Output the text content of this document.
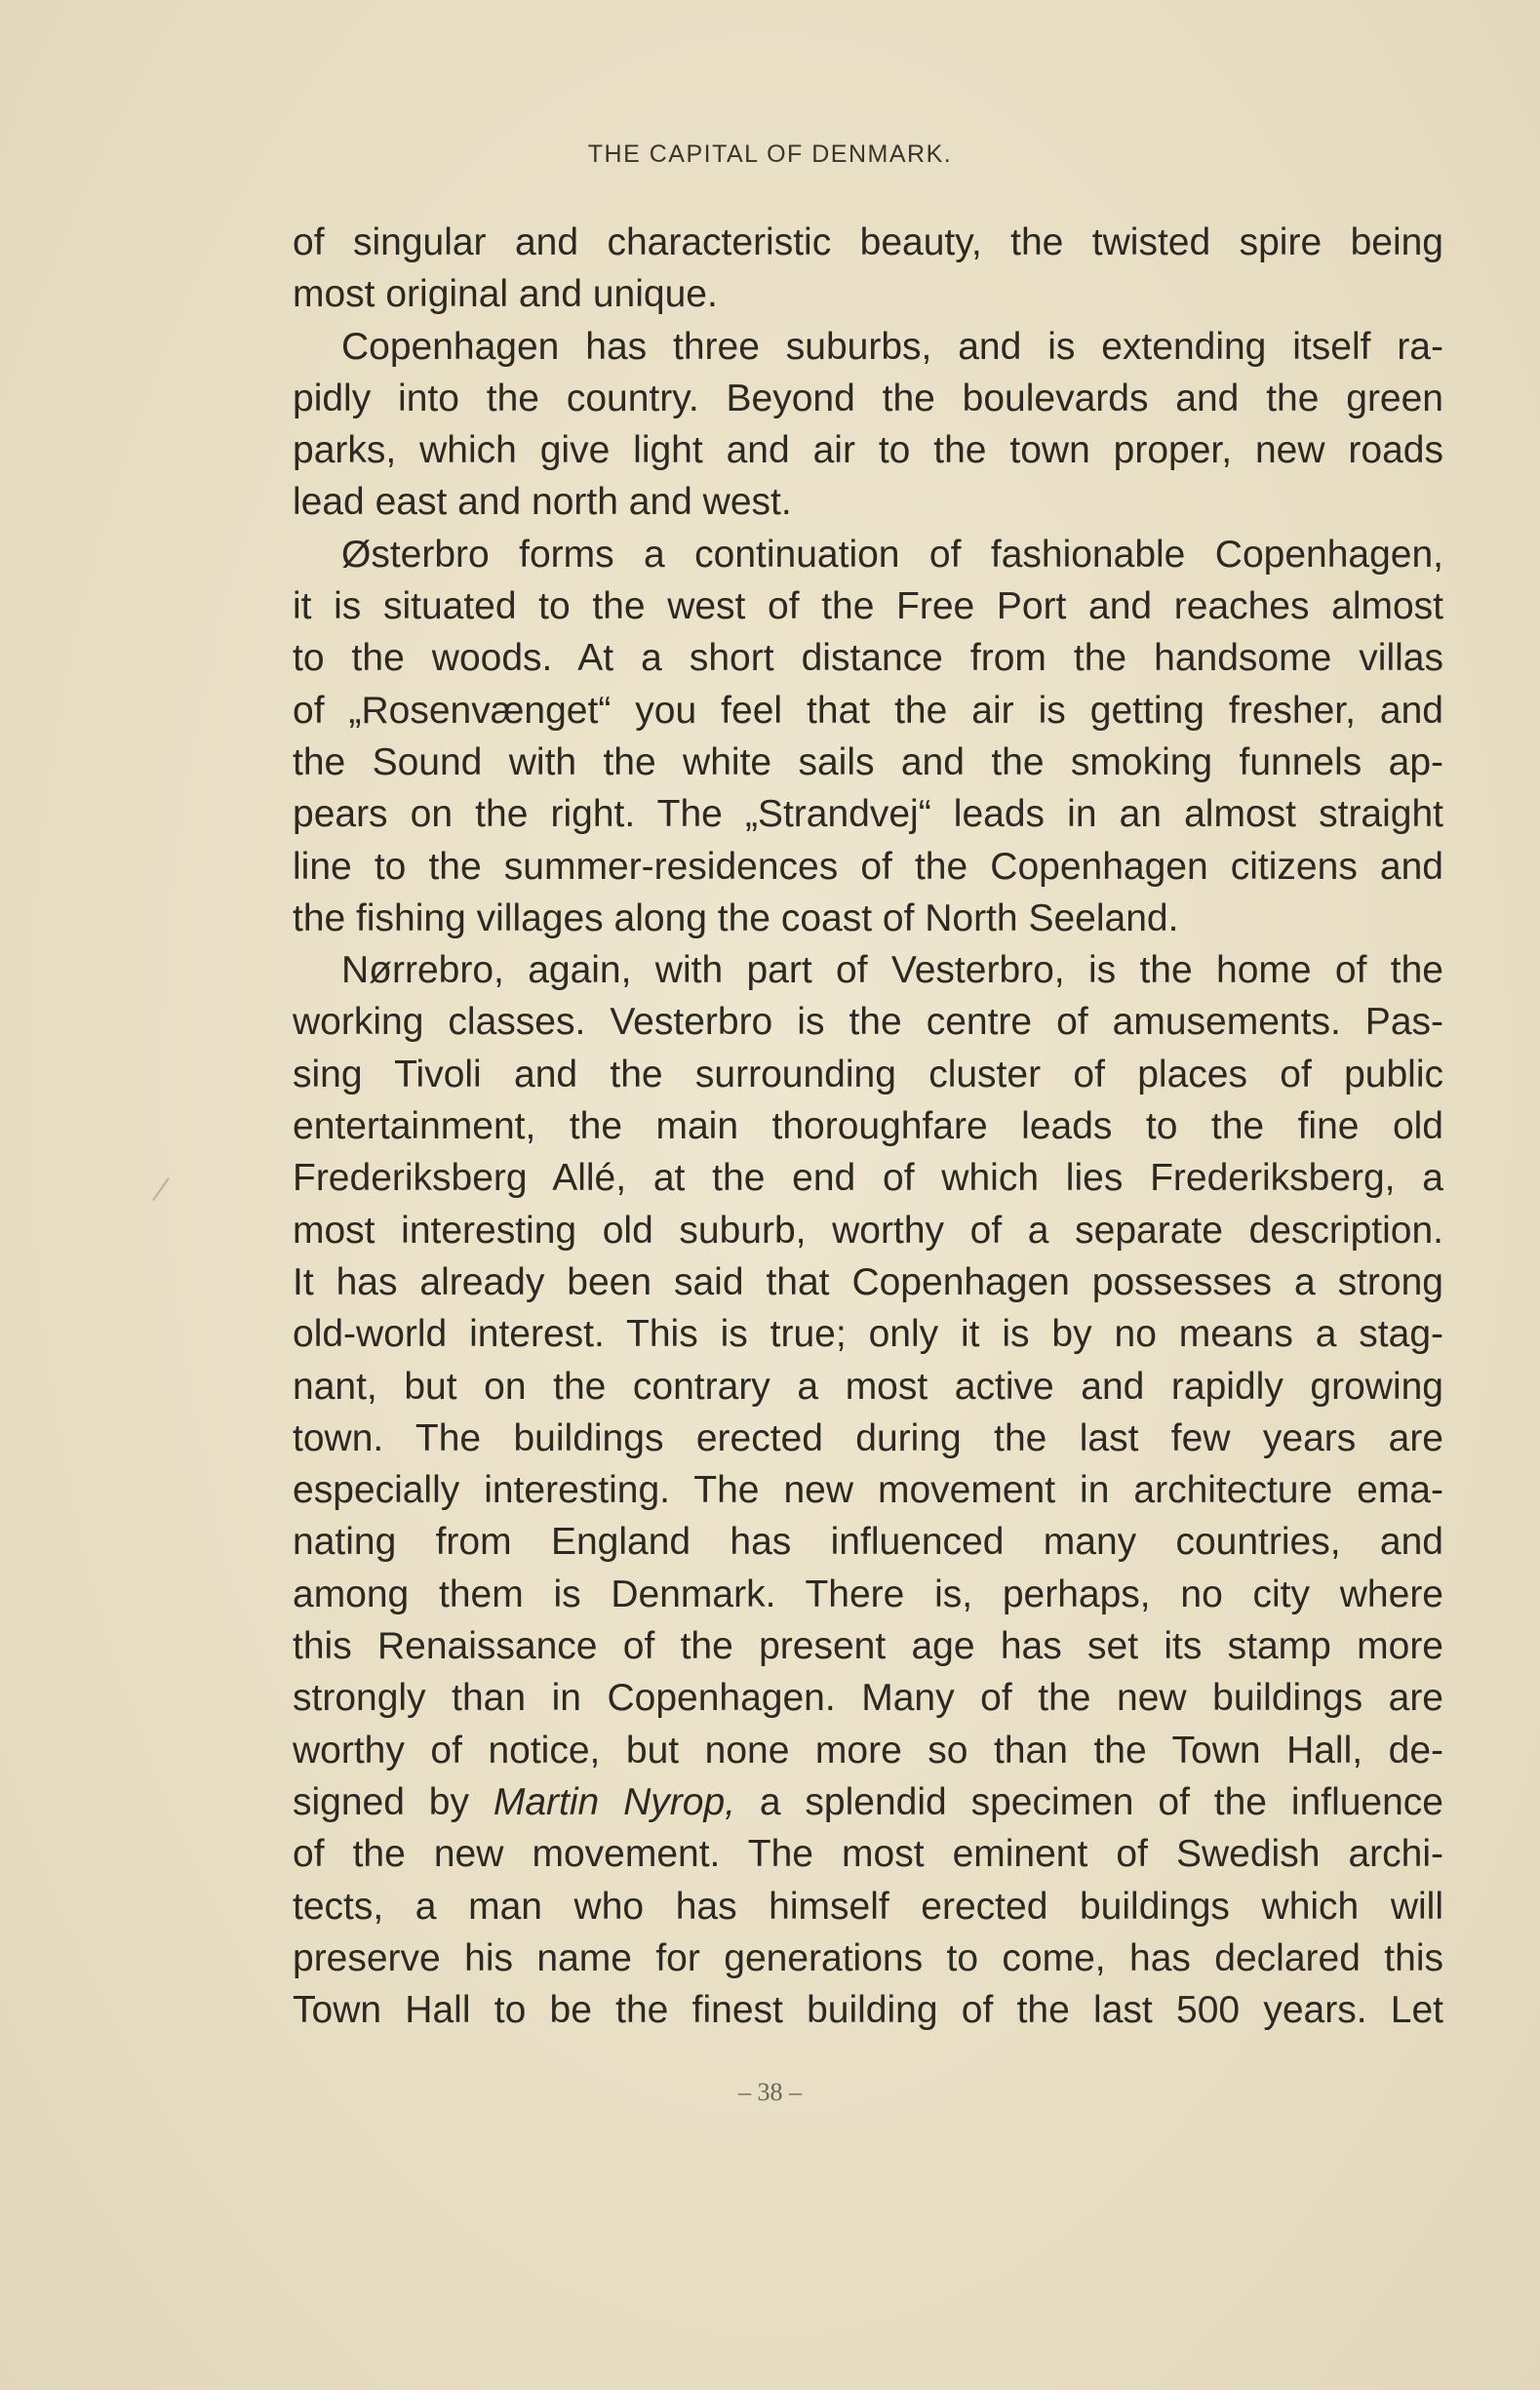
THE CAPITAL OF DENMARK.
of singular and characteristic beauty, the twisted spire being
most original and unique.
Copenhagen has three suburbs, and is extending itself ra-
pidly into the country. Beyond the boulevards and the green
parks, which give light and air to the town proper, new roads
lead east and north and west.
Østerbro forms a continuation of fashionable Copenhagen,
it is situated to the west of the Free Port and reaches almost
to the woods. At a short distance from the handsome villas
of „Rosenvænget“ you feel that the air is getting fresher, and
the Sound with the white sails and the smoking funnels ap-
pears on the right. The „Strandvej“ leads in an almost straight
line to the summer-residences of the Copenhagen citizens and
the fishing villages along the coast of North Seeland.
Nørrebro, again, with part of Vesterbro, is the home of the
working classes. Vesterbro is the centre of amusements. Pas-
sing Tivoli and the surrounding cluster of places of public
entertainment, the main thoroughfare leads to the fine old
Frederiksberg Allé, at the end of which lies Frederiksberg, a
most interesting old suburb, worthy of a separate description.
It has already been said that Copenhagen possesses a strong
old-world interest. This is true; only it is by no means a stag-
nant, but on the contrary a most active and rapidly growing
town. The buildings erected during the last few years are
especially interesting. The new movement in architecture ema-
nating from England has influenced many countries, and
among them is Denmark. There is, perhaps, no city where
this Renaissance of the present age has set its stamp more
strongly than in Copenhagen. Many of the new buildings are
worthy of notice, but none more so than the Town Hall, de-
signed by Martin Nyrop, a splendid specimen of the influence
of the new movement. The most eminent of Swedish archi-
tects, a man who has himself erected buildings which will
preserve his name for generations to come, has declared this
Town Hall to be the finest building of the last 500 years. Let
– 38 –
